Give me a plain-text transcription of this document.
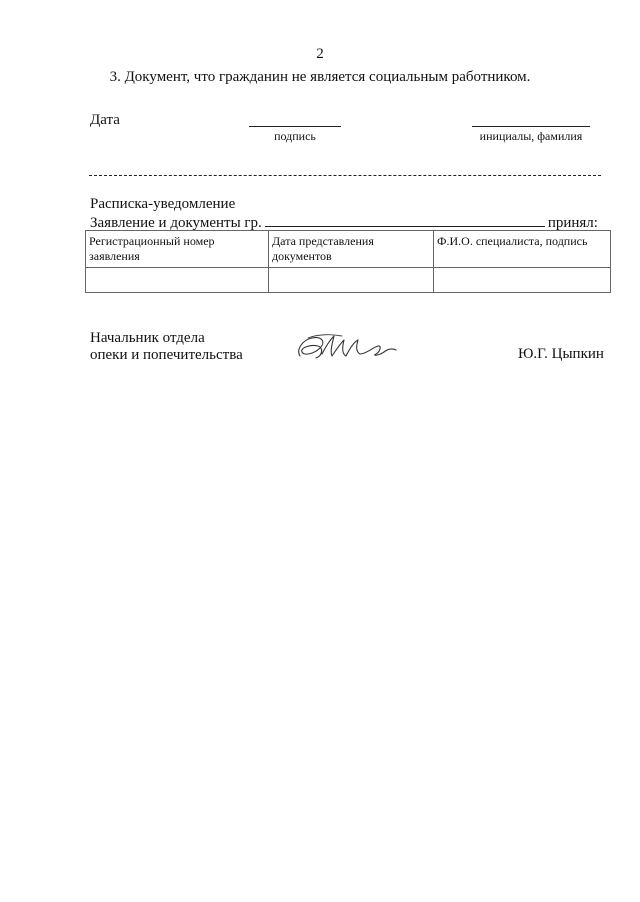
2
3. Документ, что гражданин не является социальным работником.
Дата
подпись	инициалы, фамилия
Расписка-уведомление
Заявление и документы гр.	принял:
Регистрационный номер заявления	Дата представления документов	Ф.И.О. специалиста, подпись

Начальник отдела
опеки и попечительства	Ю.Г. Цыпкин
